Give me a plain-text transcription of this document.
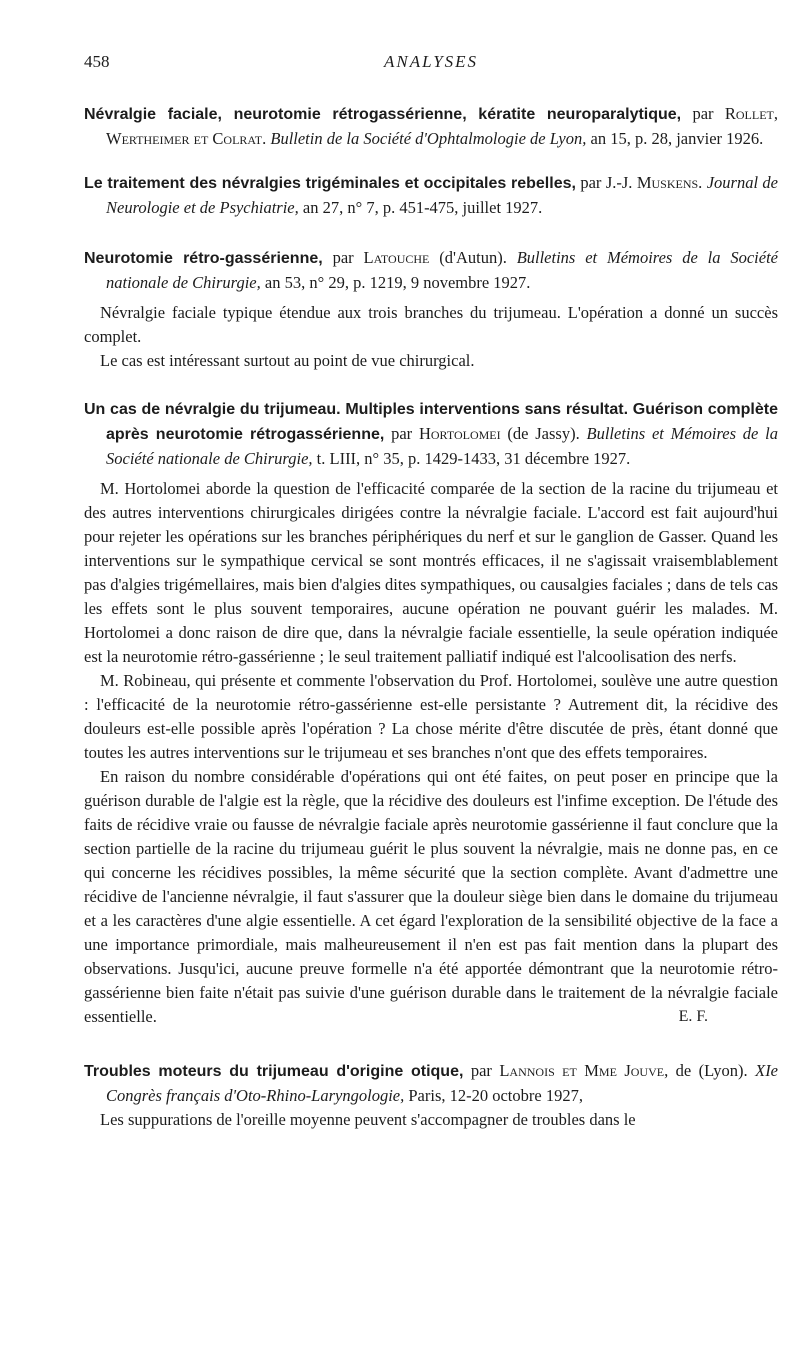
458	ANALYSES
Névralgie faciale, neurotomie rétrogassérienne, kératite neuroparalytique, par Rollet, Wertheimer et Colrat. Bulletin de la Société d'Ophtalmologie de Lyon, an 15, p. 28, janvier 1926.
Le traitement des névralgies trigéminales et occipitales rebelles, par J.-J. Muskens. Journal de Neurologie et de Psychiatrie, an 27, n° 7, p. 451-475, juillet 1927.
Neurotomie rétro-gassérienne, par Latouche (d'Autun). Bulletins et Mémoires de la Société nationale de Chirurgie, an 53, n° 29, p. 1219, 9 novembre 1927.

Névralgie faciale typique étendue aux trois branches du trijumeau. L'opération a donné un succès complet.

Le cas est intéressant surtout au point de vue chirurgical.

Un cas de névralgie du trijumeau. Multiples interventions sans résultat. Guérison complète après neurotomie rétrogassérienne, par Hortolomei (de Jassy). Bulletins et Mémoires de la Société nationale de Chirurgie, t. LIII, n° 35, p. 1429-1433, 31 décembre 1927.

M. Hortolomei aborde la question de l'efficacité comparée de la section de la racine du trijumeau et des autres interventions chirurgicales dirigées contre la névralgie faciale. L'accord est fait aujourd'hui pour rejeter les opérations sur les branches périphériques du nerf et sur le ganglion de Gasser. Quand les interventions sur le sympathique cervical se sont montrés efficaces, il ne s'agissait vraisemblablement pas d'algies trigémellaires, mais bien d'algies dites sympathiques, ou causalgies faciales ; dans de tels cas les effets sont le plus souvent temporaires, aucune opération ne pouvant guérir les malades. M. Hortolomei a donc raison de dire que, dans la névralgie faciale essentielle, la seule opération indiquée est la neurotomie rétro-gassérienne ; le seul traitement palliatif indiqué est l'alcoolisation des nerfs.

M. Robineau, qui présente et commente l'observation du Prof. Hortolomei, soulève une autre question : l'efficacité de la neurotomie rétro-gassérienne est-elle persistante ? Autrement dit, la récidive des douleurs est-elle possible après l'opération ? La chose mérite d'être discutée de près, étant donné que toutes les autres interventions sur le trijumeau et ses branches n'ont que des effets temporaires.

En raison du nombre considérable d'opérations qui ont été faites, on peut poser en principe que la guérison durable de l'algie est la règle, que la récidive des douleurs est l'infime exception. De l'étude des faits de récidive vraie ou fausse de névralgie faciale après neurotomie gassérienne il faut conclure que la section partielle de la racine du trijumeau guérit le plus souvent la névralgie, mais ne donne pas, en ce qui concerne les récidives possibles, la même sécurité que la section complète. Avant d'admettre une récidive de l'ancienne névralgie, il faut s'assurer que la douleur siège bien dans le domaine du trijumeau et a les caractères d'une algie essentielle. A cet égard l'exploration de la sensibilité objective de la face a une importance primordiale, mais malheureusement il n'en est pas fait mention dans la plupart des observations. Jusqu'ici, aucune preuve formelle n'a été apportée démontrant que la neurotomie rétro-gassérienne bien faite n'était pas suivie d'une guérison durable dans le traitement de la névralgie faciale essentielle.	E. F.
Troubles moteurs du trijumeau d'origine otique, par Lannois et Mme Jouve, de (Lyon). XIe Congrès français d'Oto-Rhino-Laryngologie, Paris, 12-20 octobre 1927,

Les suppurations de l'oreille moyenne peuvent s'accompagner de troubles dans le
